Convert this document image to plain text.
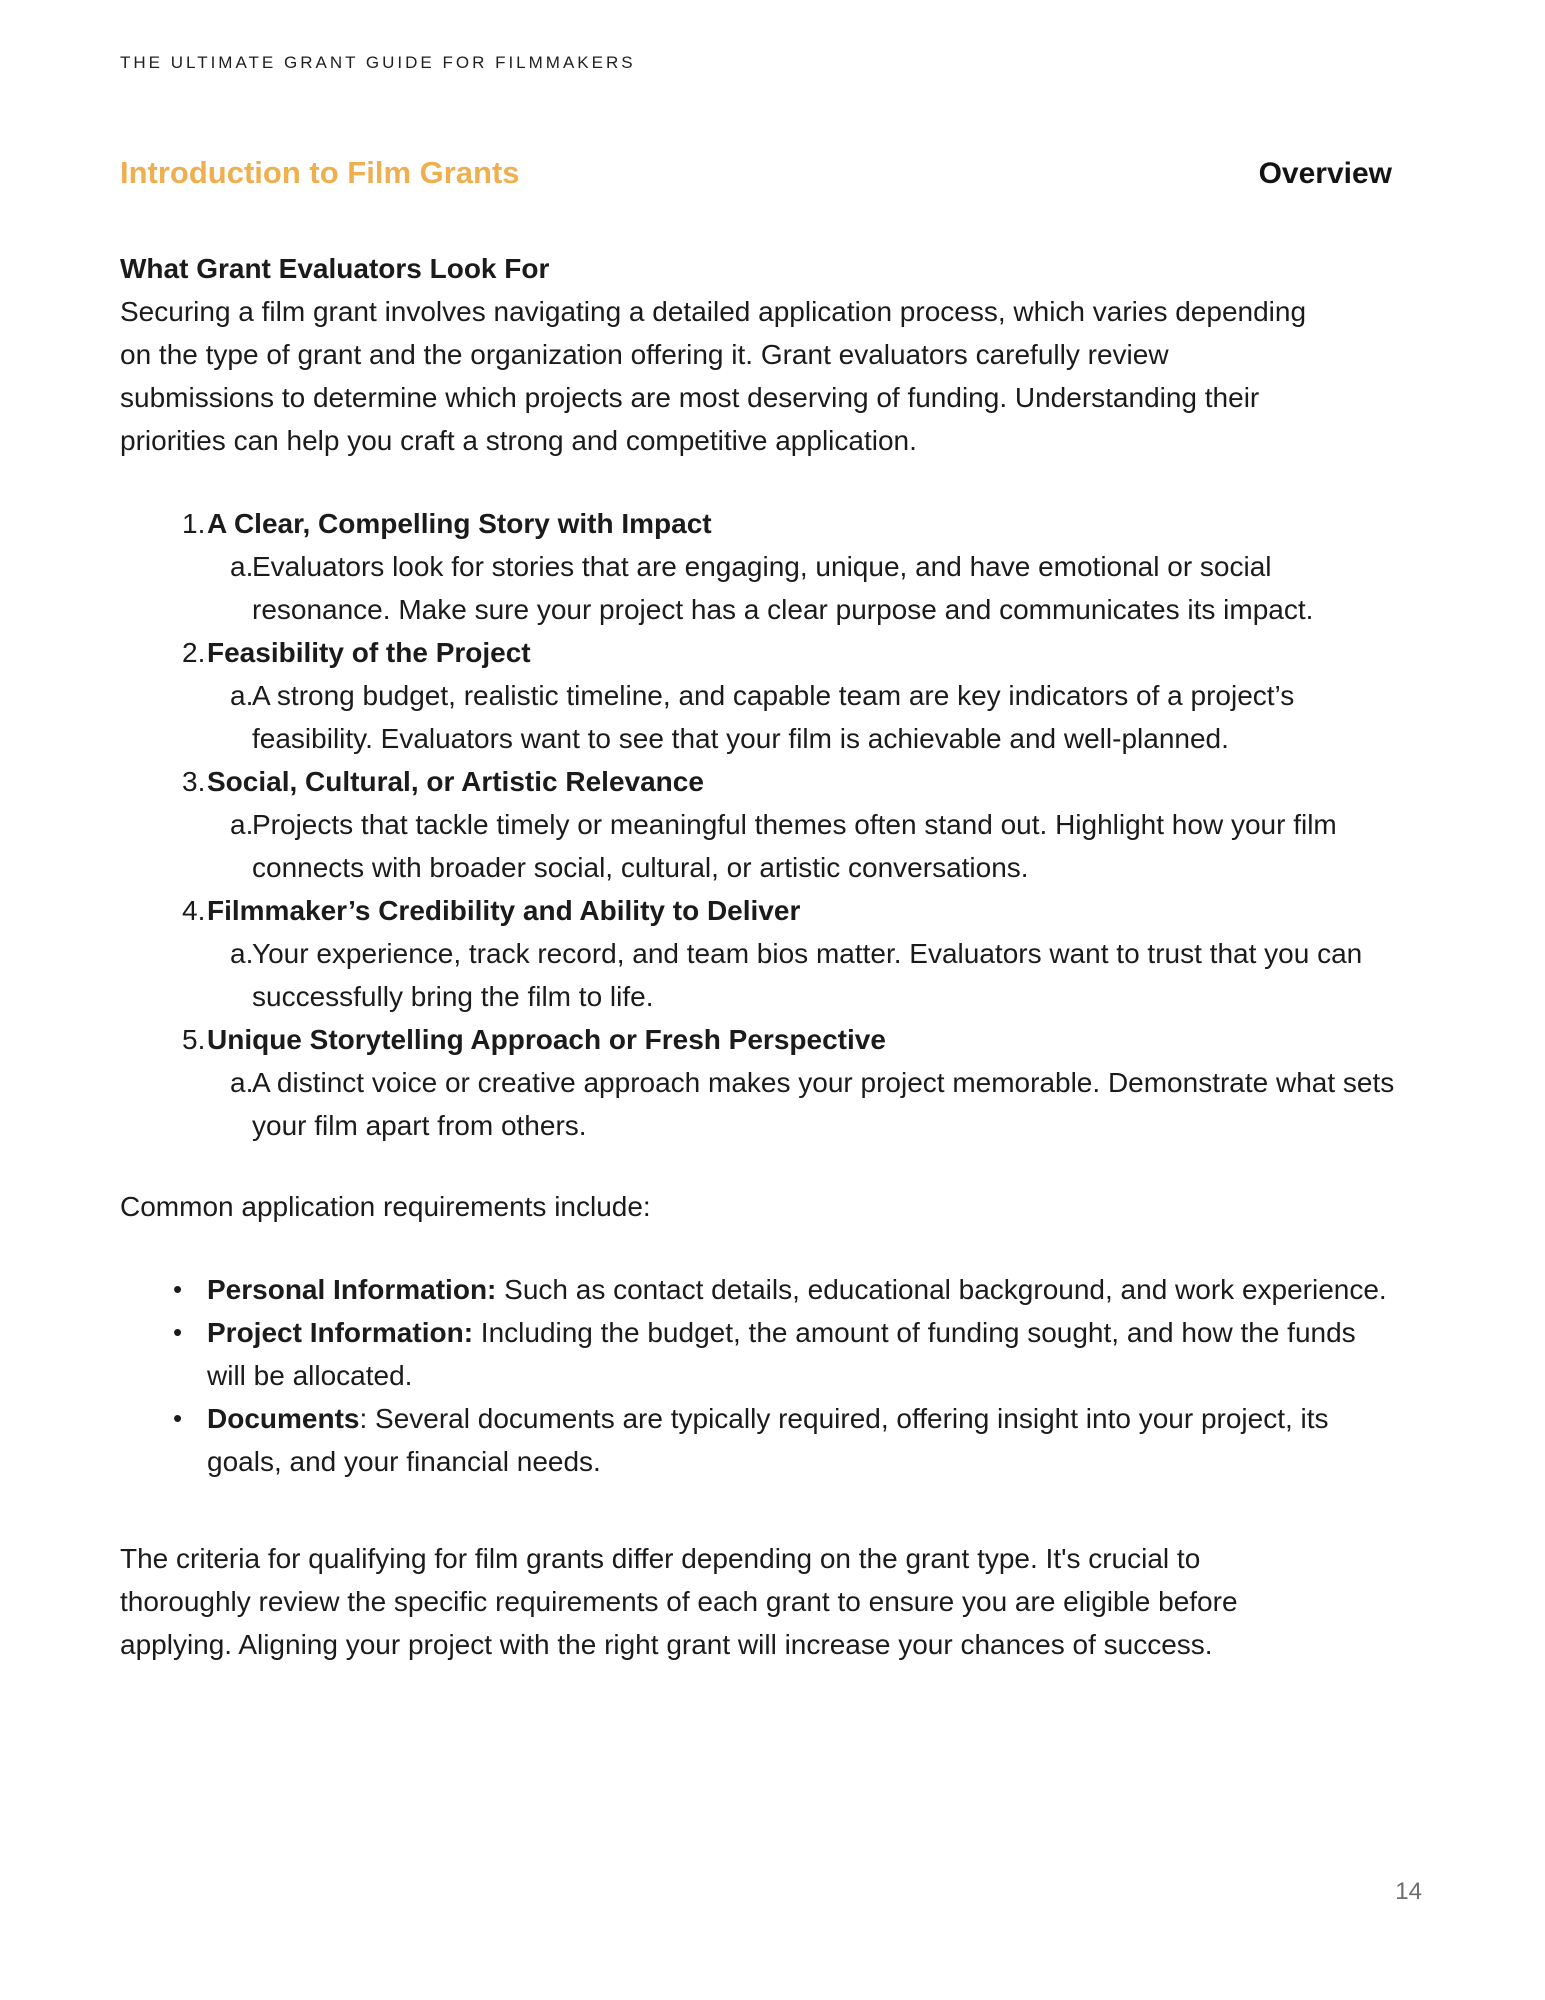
THE ULTIMATE GRANT GUIDE FOR FILMMAKERS
Introduction to Film Grants	Overview
What Grant Evaluators Look For
Securing a film grant involves navigating a detailed application process, which varies depending on the type of grant and the organization offering it. Grant evaluators carefully review submissions to determine which projects are most deserving of funding. Understanding their priorities can help you craft a strong and competitive application.
1. A Clear, Compelling Story with Impact
a.
Evaluators look for stories that are engaging, unique, and have emotional or social resonance. Make sure your project has a clear purpose and communicates its impact.
2. Feasibility of the Project
a.
A strong budget, realistic timeline, and capable team are key indicators of a project’s feasibility. Evaluators want to see that your film is achievable and well-planned.
3. Social, Cultural, or Artistic Relevance
a.
Projects that tackle timely or meaningful themes often stand out. Highlight how your film connects with broader social, cultural, or artistic conversations.
4. Filmmaker’s Credibility and Ability to Deliver
a.
Your experience, track record, and team bios matter. Evaluators want to trust that you can successfully bring the film to life.
5. Unique Storytelling Approach or Fresh Perspective
a.
A distinct voice or creative approach makes your project memorable. Demonstrate what sets your film apart from others.
Common application requirements include:
• Personal Information: Such as contact details, educational background, and work experience.
• Project Information: Including the budget, the amount of funding sought, and how the funds will be allocated.
• Documents: Several documents are typically required, offering insight into your project, its goals, and your financial needs.
The criteria for qualifying for film grants differ depending on the grant type. It's crucial to thoroughly review the specific requirements of each grant to ensure you are eligible before applying. Aligning your project with the right grant will increase your chances of success.
14
